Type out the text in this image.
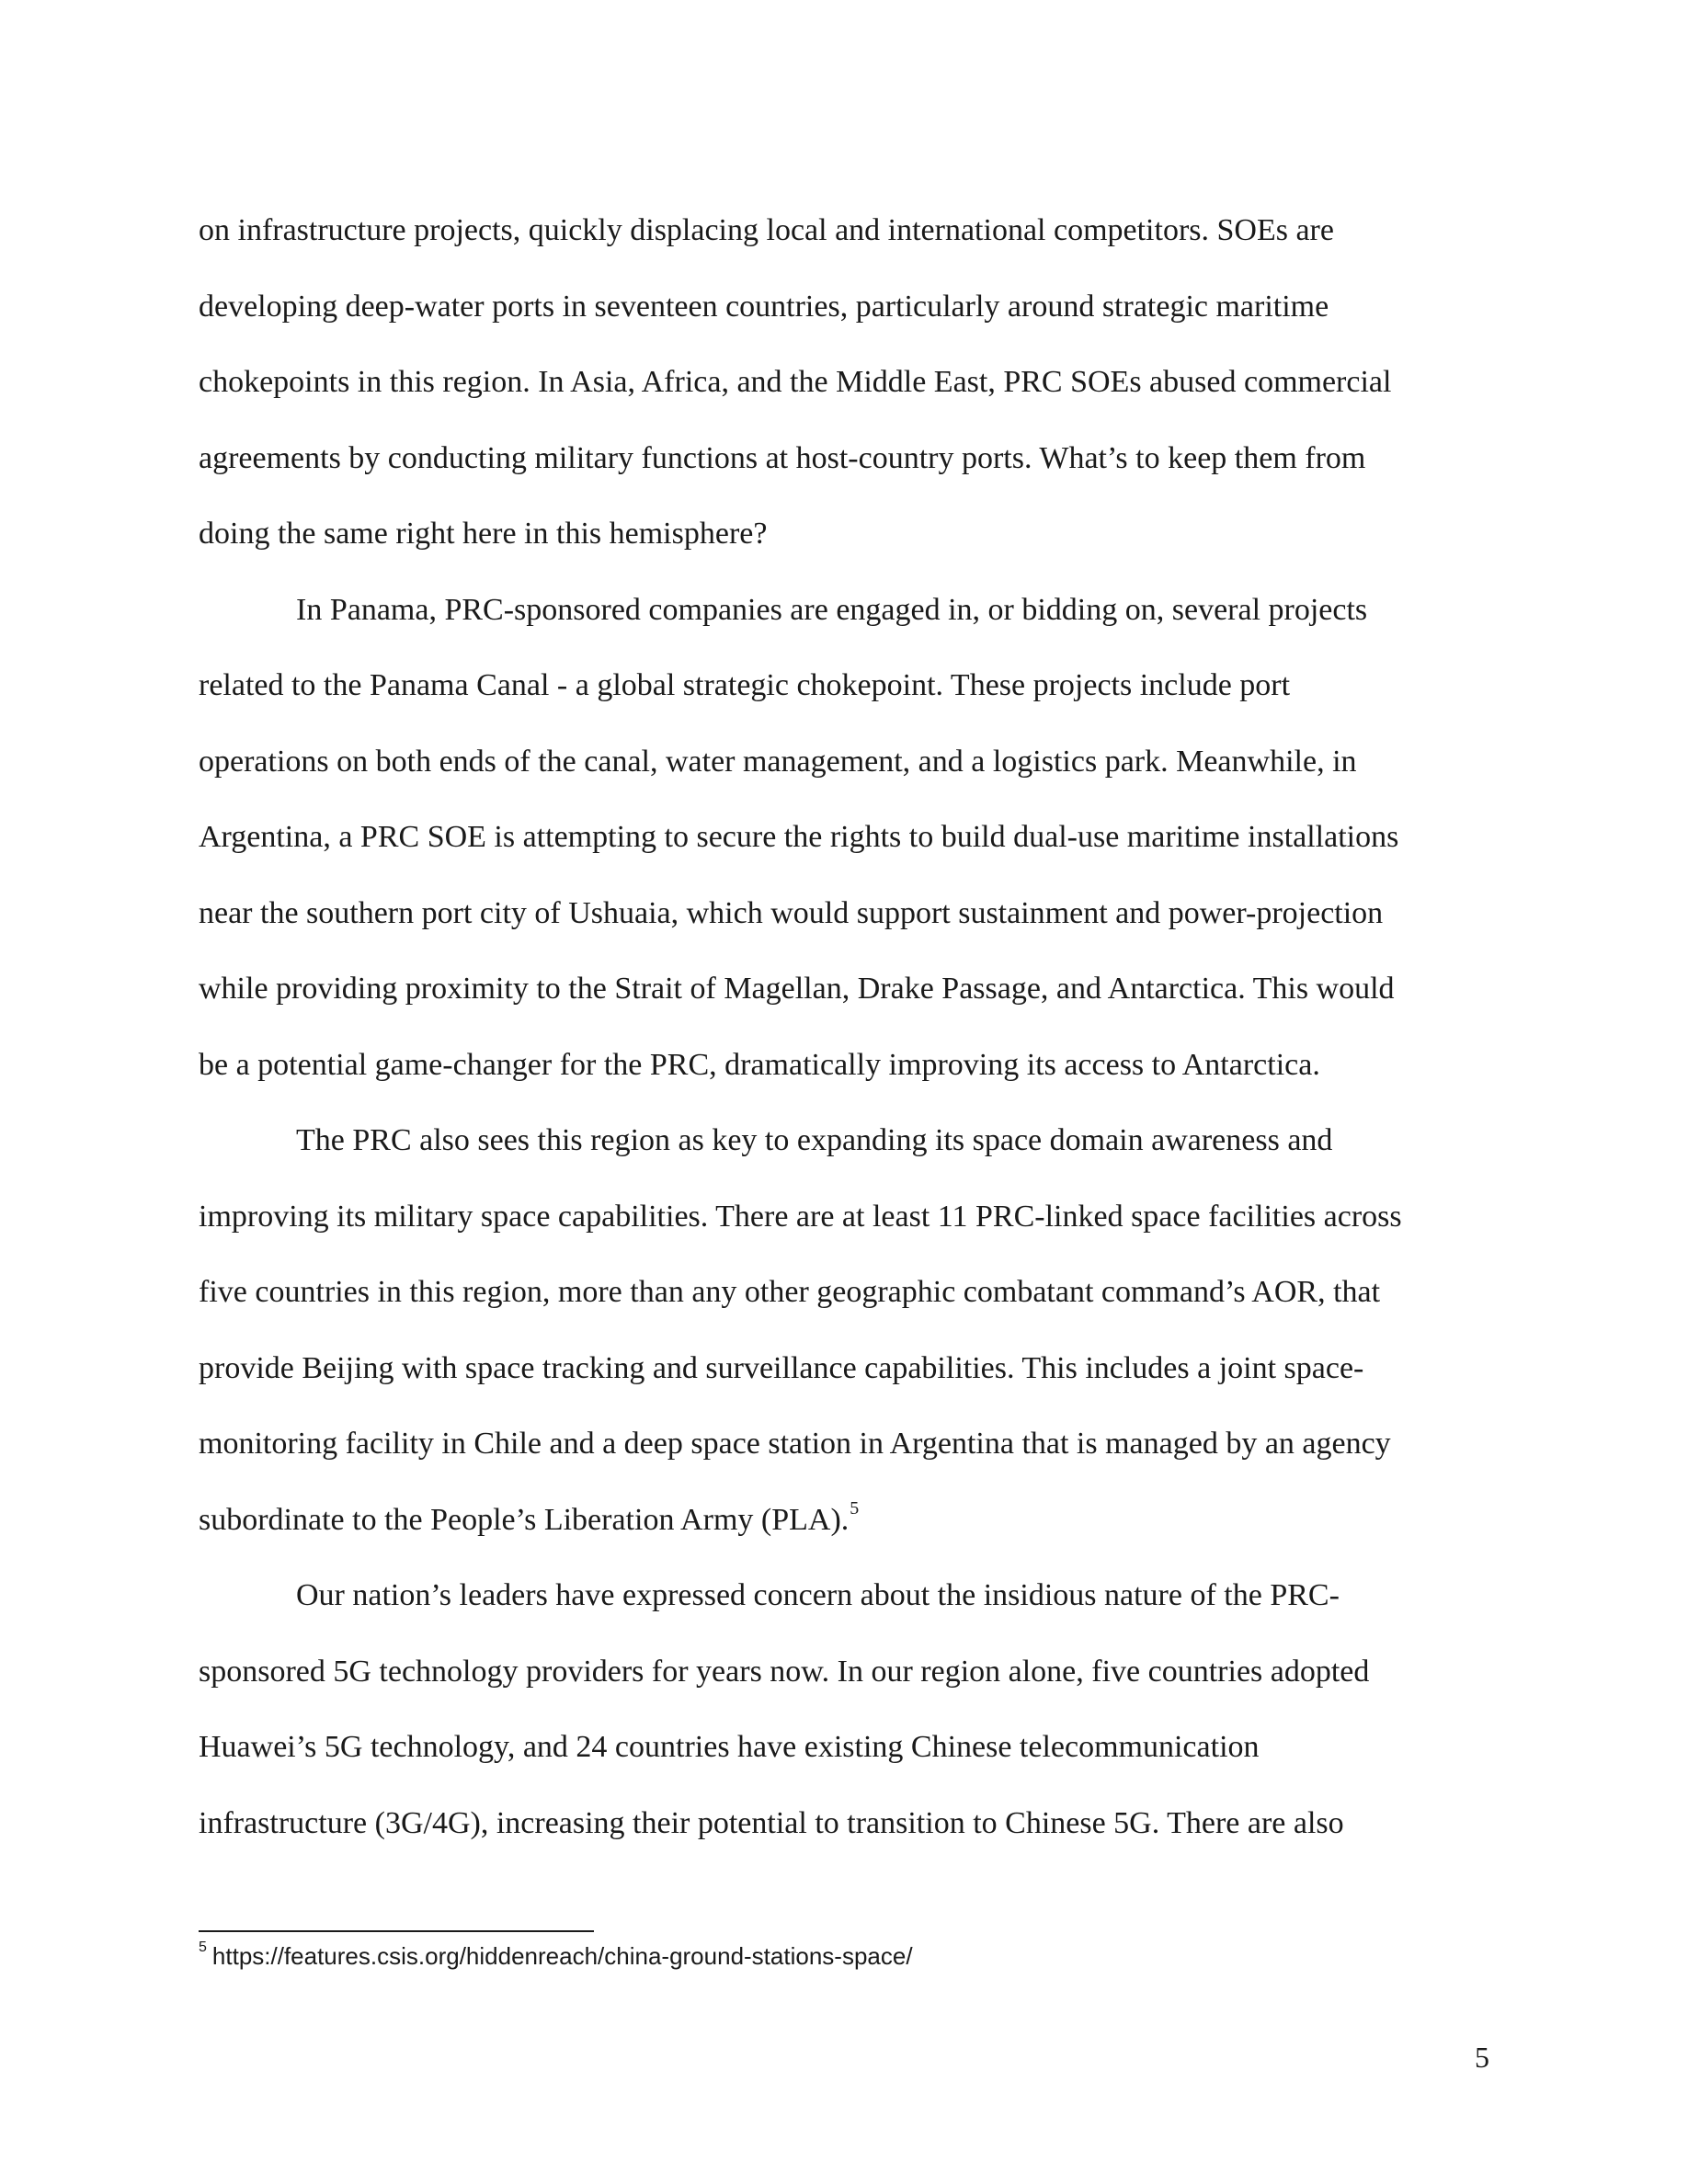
on infrastructure projects, quickly displacing local and international competitors. SOEs are
developing deep-water ports in seventeen countries, particularly around strategic maritime
chokepoints in this region. In Asia, Africa, and the Middle East, PRC SOEs abused commercial
agreements by conducting military functions at host-country ports. What’s to keep them from
doing the same right here in this hemisphere?
In Panama, PRC-sponsored companies are engaged in, or bidding on, several projects
related to the Panama Canal - a global strategic chokepoint. These projects include port
operations on both ends of the canal, water management, and a logistics park. Meanwhile, in
Argentina, a PRC SOE is attempting to secure the rights to build dual-use maritime installations
near the southern port city of Ushuaia, which would support sustainment and power-projection
while providing proximity to the Strait of Magellan, Drake Passage, and Antarctica. This would
be a potential game-changer for the PRC, dramatically improving its access to Antarctica.
The PRC also sees this region as key to expanding its space domain awareness and
improving its military space capabilities. There are at least 11 PRC-linked space facilities across
five countries in this region, more than any other geographic combatant command’s AOR, that
provide Beijing with space tracking and surveillance capabilities. This includes a joint space-
monitoring facility in Chile and a deep space station in Argentina that is managed by an agency
subordinate to the People’s Liberation Army (PLA).$^5$
Our nation’s leaders have expressed concern about the insidious nature of the PRC-
sponsored 5G technology providers for years now. In our region alone, five countries adopted
Huawei’s 5G technology, and 24 countries have existing Chinese telecommunication
infrastructure (3G/4G), increasing their potential to transition to Chinese 5G. There are also
$^5$ https://features.csis.org/hiddenreach/china-ground-stations-space/
5
